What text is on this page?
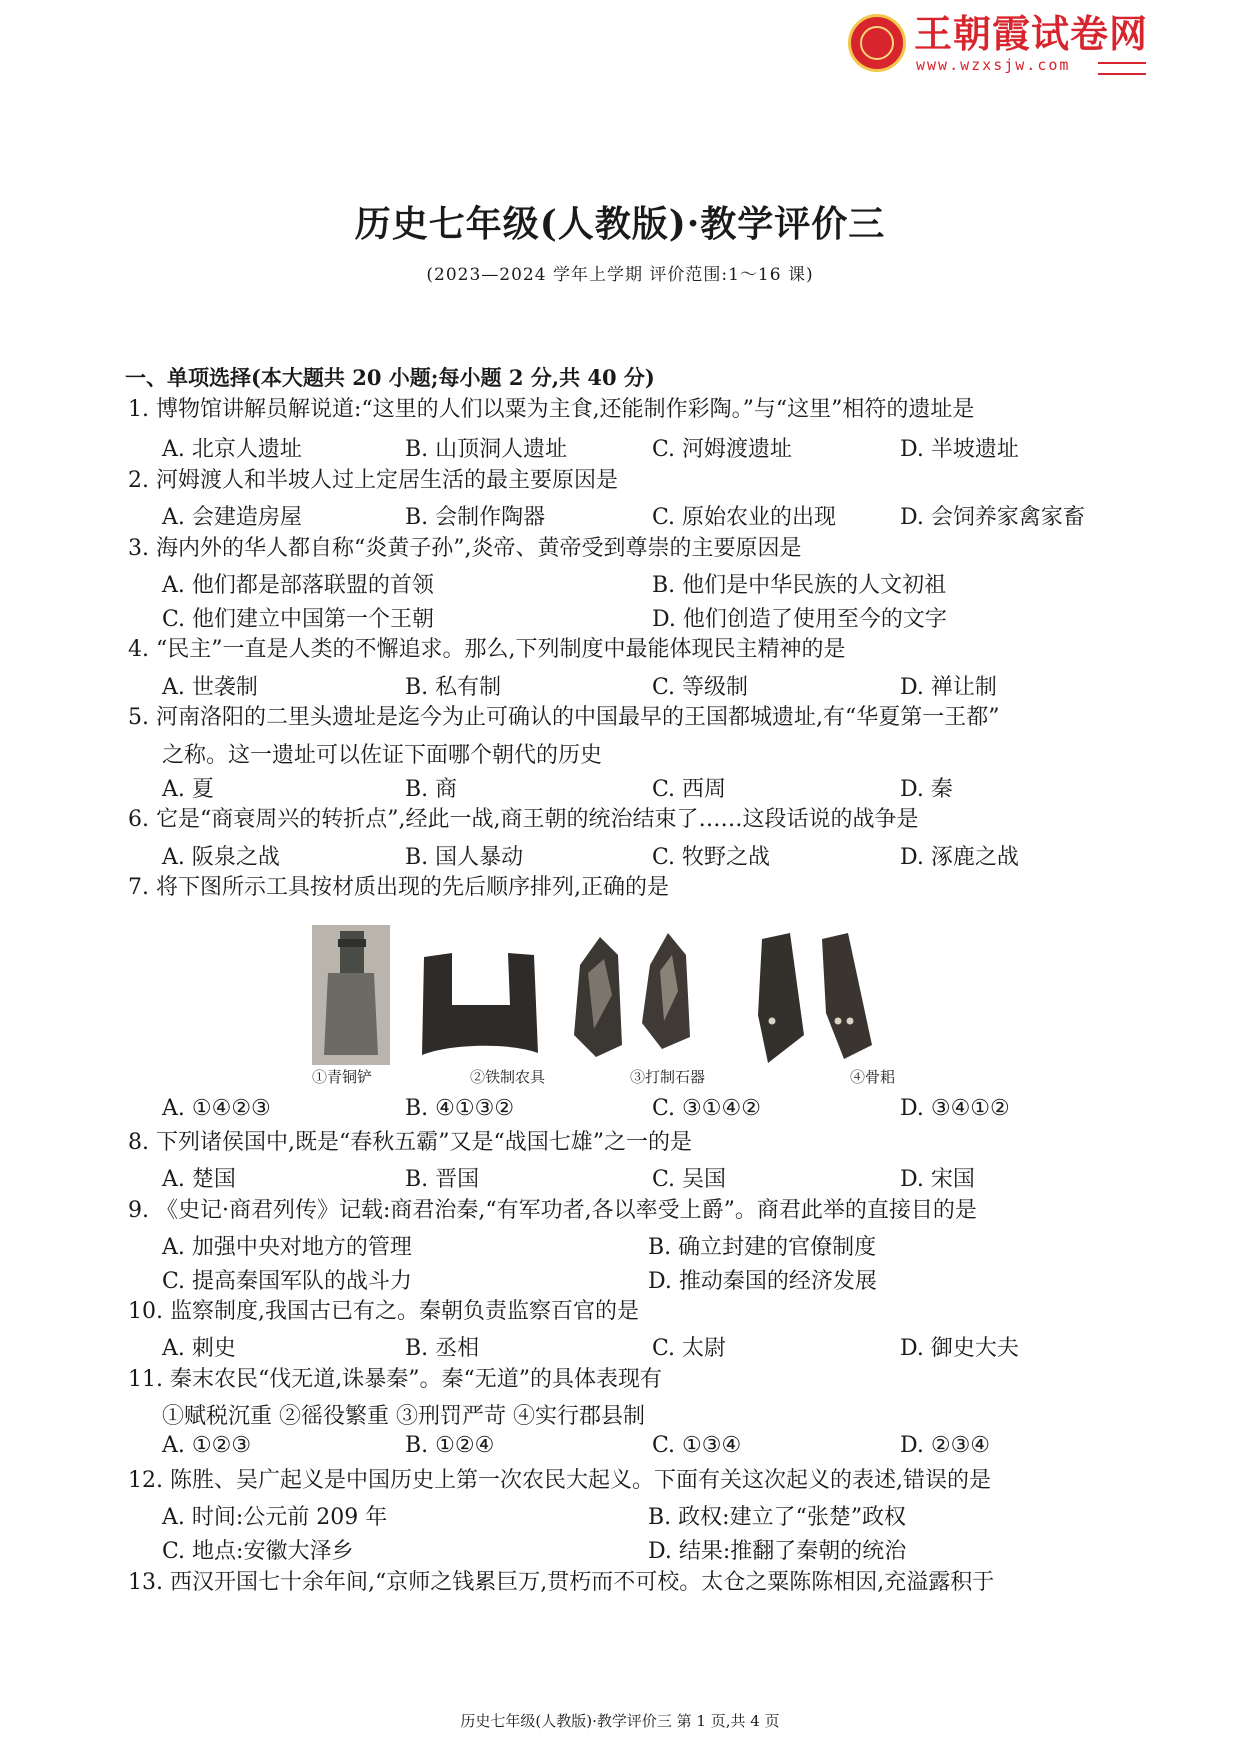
王朝霞试卷网
www.wzxsjw.com
历史七年级(人教版)·教学评价三
(2023—2024 学年上学期 评价范围:1～16 课)
一、单项选择(本大题共 20 小题;每小题 2 分,共 40 分)
1. 博物馆讲解员解说道:“这里的人们以粟为主食,还能制作彩陶。”与“这里”相符的遗址是
A. 北京人遗址	B. 山顶洞人遗址	C. 河姆渡遗址	D. 半坡遗址
2. 河姆渡人和半坡人过上定居生活的最主要原因是
A. 会建造房屋	B. 会制作陶器	C. 原始农业的出现	D. 会饲养家禽家畜
3. 海内外的华人都自称“炎黄子孙”,炎帝、黄帝受到尊崇的主要原因是
A. 他们都是部落联盟的首领	B. 他们是中华民族的人文初祖
C. 他们建立中国第一个王朝	D. 他们创造了使用至今的文字
4. “民主”一直是人类的不懈追求。那么,下列制度中最能体现民主精神的是
A. 世袭制	B. 私有制	C. 等级制	D. 禅让制
5. 河南洛阳的二里头遗址是迄今为止可确认的中国最早的王国都城遗址,有“华夏第一王都”
之称。这一遗址可以佐证下面哪个朝代的历史
A. 夏	B. 商	C. 西周	D. 秦
6. 它是“商衰周兴的转折点”,经此一战,商王朝的统治结束了……这段话说的战争是
A. 阪泉之战	B. 国人暴动	C. 牧野之战	D. 涿鹿之战
7. 将下图所示工具按材质出现的先后顺序排列,正确的是
①青铜铲	②铁制农具	③打制石器	④骨耜
A. ①④②③	B. ④①③②	C. ③①④②	D. ③④①②
8. 下列诸侯国中,既是“春秋五霸”又是“战国七雄”之一的是
A. 楚国	B. 晋国	C. 吴国	D. 宋国
9. 《史记·商君列传》记载:商君治秦,“有军功者,各以率受上爵”。商君此举的直接目的是
A. 加强中央对地方的管理	B. 确立封建的官僚制度
C. 提高秦国军队的战斗力	D. 推动秦国的经济发展
10. 监察制度,我国古已有之。秦朝负责监察百官的是
A. 刺史	B. 丞相	C. 太尉	D. 御史大夫
11. 秦末农民“伐无道,诛暴秦”。秦“无道”的具体表现有
①赋税沉重 ②徭役繁重 ③刑罚严苛 ④实行郡县制
A. ①②③	B. ①②④	C. ①③④	D. ②③④
12. 陈胜、吴广起义是中国历史上第一次农民大起义。下面有关这次起义的表述,错误的是
A. 时间:公元前 209 年	B. 政权:建立了“张楚”政权
C. 地点:安徽大泽乡	D. 结果:推翻了秦朝的统治
13. 西汉开国七十余年间,“京师之钱累巨万,贯朽而不可校。太仓之粟陈陈相因,充溢露积于
历史七年级(人教版)·教学评价三 第 1 页,共 4 页
